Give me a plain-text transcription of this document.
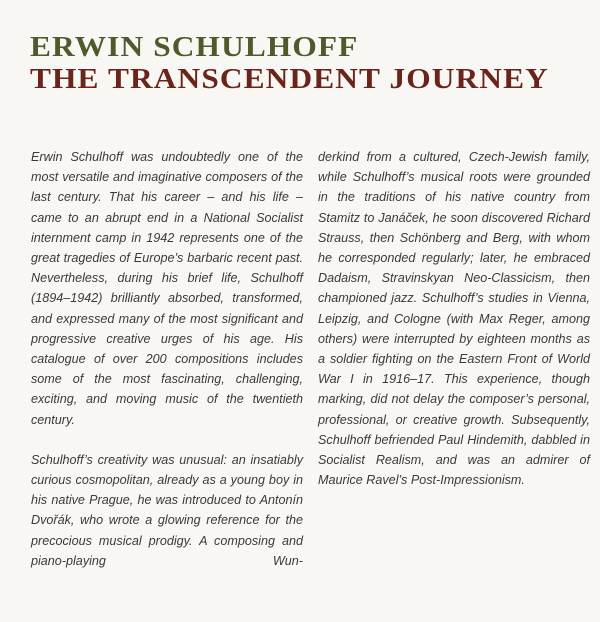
ERWIN SCHULHOFF
THE TRANSCENDENT JOURNEY

Erwin Schulhoff was undoubtedly one of the most versatile and imaginative composers of the last century. That his career – and his life – came to an abrupt end in a National Socialist internment camp in 1942 represents one of the great tragedies of Europe’s barbaric recent past. Nevertheless, during his brief life, Schulhoff (1894–1942) brilliantly absorbed, transformed, and expressed many of the most significant and progressive creative urges of his age. His catalogue of over 200 compositions includes some of the most fascinating, challenging, exciting, and moving music of the twentieth century.

Schulhoff’s creativity was unusual: an insatiably curious cosmopolitan, already as a young boy in his native Prague, he was introduced to Antonín Dvořák, who wrote a glowing reference for the precocious musical prodigy. A composing and piano-playing Wun-

derkind from a cultured, Czech-Jewish family, while Schulhoff’s musical roots were grounded in the traditions of his native country from Stamitz to Janáček, he soon discovered Richard Strauss, then Schönberg and Berg, with whom he corresponded regularly; later, he embraced Dadaism, Stravinskyan Neo-Classicism, then championed jazz. Schulhoff’s studies in Vienna, Leipzig, and Cologne (with Max Reger, among others) were interrupted by eighteen months as a soldier fighting on the Eastern Front of World War I in 1916–17. This experience, though marking, did not delay the composer’s personal, professional, or creative growth. Subsequently, Schulhoff befriended Paul Hindemith, dabbled in Socialist Realism, and was an admirer of Maurice Ravel’s Post-Impressionism.
